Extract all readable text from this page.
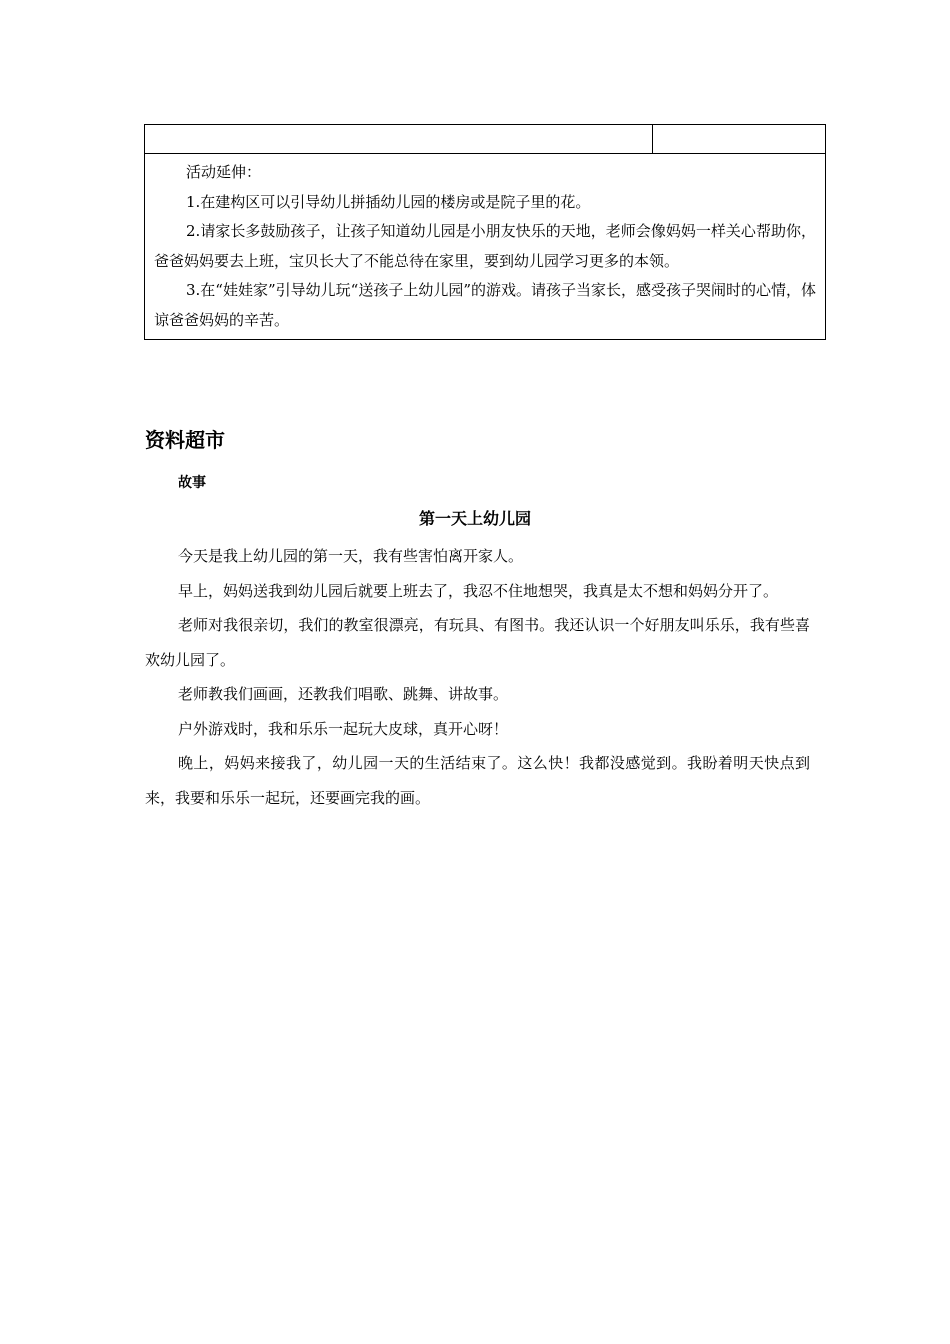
活动延伸：

1.在建构区可以引导幼儿拼插幼儿园的楼房或是院子里的花。

2.请家长多鼓励孩子，让孩子知道幼儿园是小朋友快乐的天地，老师会像妈妈一样关心帮助你，爸爸妈妈要去上班，宝贝长大了不能总待在家里，要到幼儿园学习更多的本领。

3.在“娃娃家”引导幼儿玩“送孩子上幼儿园”的游戏。请孩子当家长，感受孩子哭闹时的心情，体谅爸爸妈妈的辛苦。

资料超市
故事
第一天上幼儿园

今天是我上幼儿园的第一天，我有些害怕离开家人。

早上，妈妈送我到幼儿园后就要上班去了，我忍不住地想哭，我真是太不想和妈妈分开了。

老师对我很亲切，我们的教室很漂亮，有玩具、有图书。我还认识一个好朋友叫乐乐，我有些喜欢幼儿园了。

老师教我们画画，还教我们唱歌、跳舞、讲故事。

户外游戏时，我和乐乐一起玩大皮球，真开心呀！

晚上，妈妈来接我了，幼儿园一天的生活结束了。这么快！我都没感觉到。我盼着明天快点到来，我要和乐乐一起玩，还要画完我的画。
